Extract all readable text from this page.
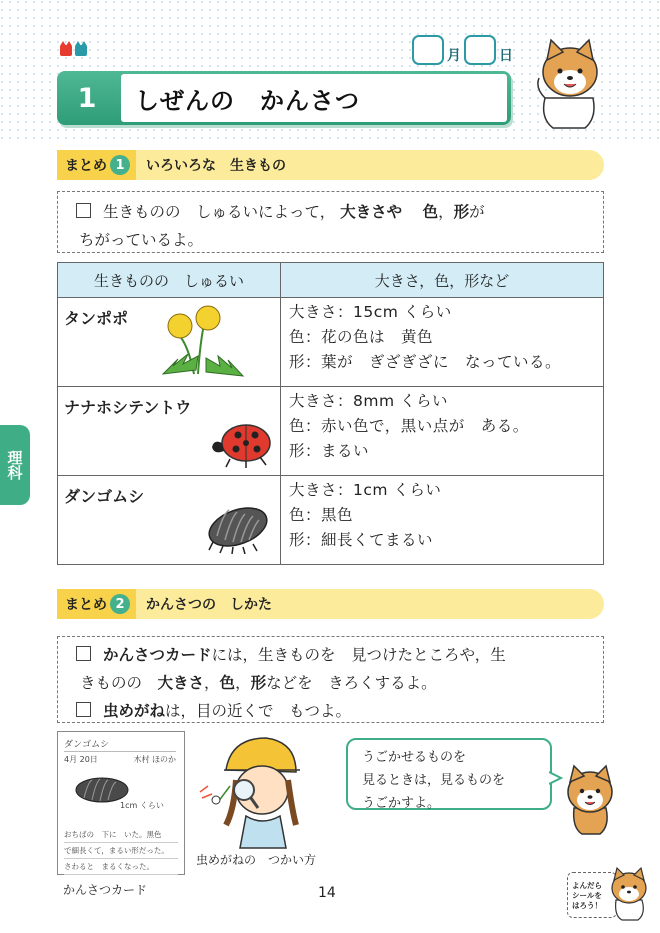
月	日
1	しぜんの　かんさつ
理科
まとめ 1	いろいろな　生きもの
生きものの　しゅるいによって， 大きさや　 色，形が
ちがっているよ。
生きものの　しゅるい	大きさ，色，形など
タンポポ	大きさ：15cm くらい
色：花の色は　黄色
形：葉が　ぎざぎざに　なっている。

ナナホシテントウ	大きさ：8mm くらい
色：赤い色で，黒い点が　ある。
形：まるい

ダンゴムシ	大きさ：1cm くらい
色：黒色
形：細長くてまるい
まとめ 2	かんさつの　しかた
かんさつカードには，生きものを　見つけたところや，生
きものの　大きさ，色，形などを　きろくするよ。
虫めがねは，目の近くで　もつよ。
ダンゴムシ
4月 20日	木村 ほのか
1cm くらい
おちばの　下に　いた。黒色
で細長くて，まるい形だった。
さわると　まるくなった。
かんさつカード
虫めがねの　つかい方
うごかせるものを
見るときは，見るものを
うごかすよ。
14	よんだら
シールを
はろう！
